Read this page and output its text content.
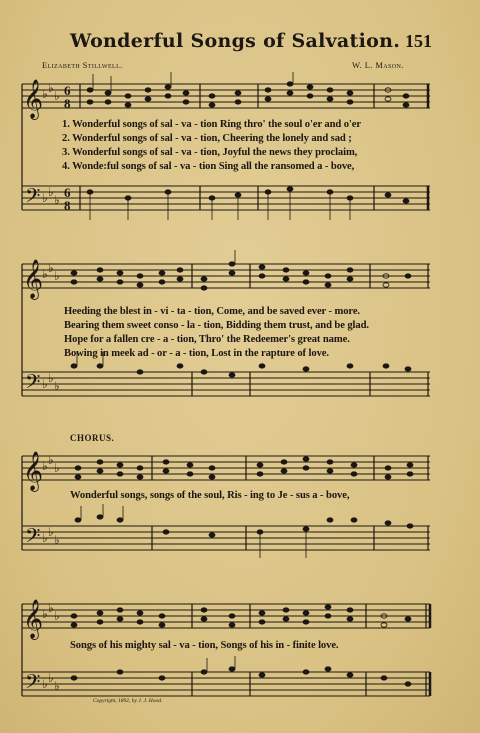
Wonderful Songs of Salvation. 151
Elizabeth Stillwell.	W. L. Mason.
𝄞
𝄢
♭ ♭
♭
♭ ♭
♭
6
8
6
8
1. Wonderful songs of sal - va - tion Ring thro' the soul o'er and o'er
2. Wonderful songs of sal - va - tion, Cheering the lonely and sad ;
3. Wonderful songs of sal - va - tion, Joyful the news they proclaim,
4. Wonde:ful songs of sal - va - tion Sing all the ransomed a - bove,
𝄞
𝄢
♭ ♭
♭
♭ ♭
♭
Heeding the blest in - vi - ta - tion, Come, and be saved ever - more.
Bearing them sweet conso - la - tion, Bidding them trust, and be glad.
Hope for a fallen cre - a - tion, Thro' the Redeemer's great name.
Bowing in meek ad - or - a - tion, Lost in the rapture of love.
CHORUS.
𝄞
𝄢
♭ ♭
♭
♭ ♭
♭
Wonderful songs, songs of the soul, Ris - ing to Je - sus a - bove,
𝄞
𝄢
♭ ♭
♭
♭ ♭
♭
Songs of his mighty sal - va - tion, Songs of his in - finite love.
Copyright, 1892, by J. J. Hood.
